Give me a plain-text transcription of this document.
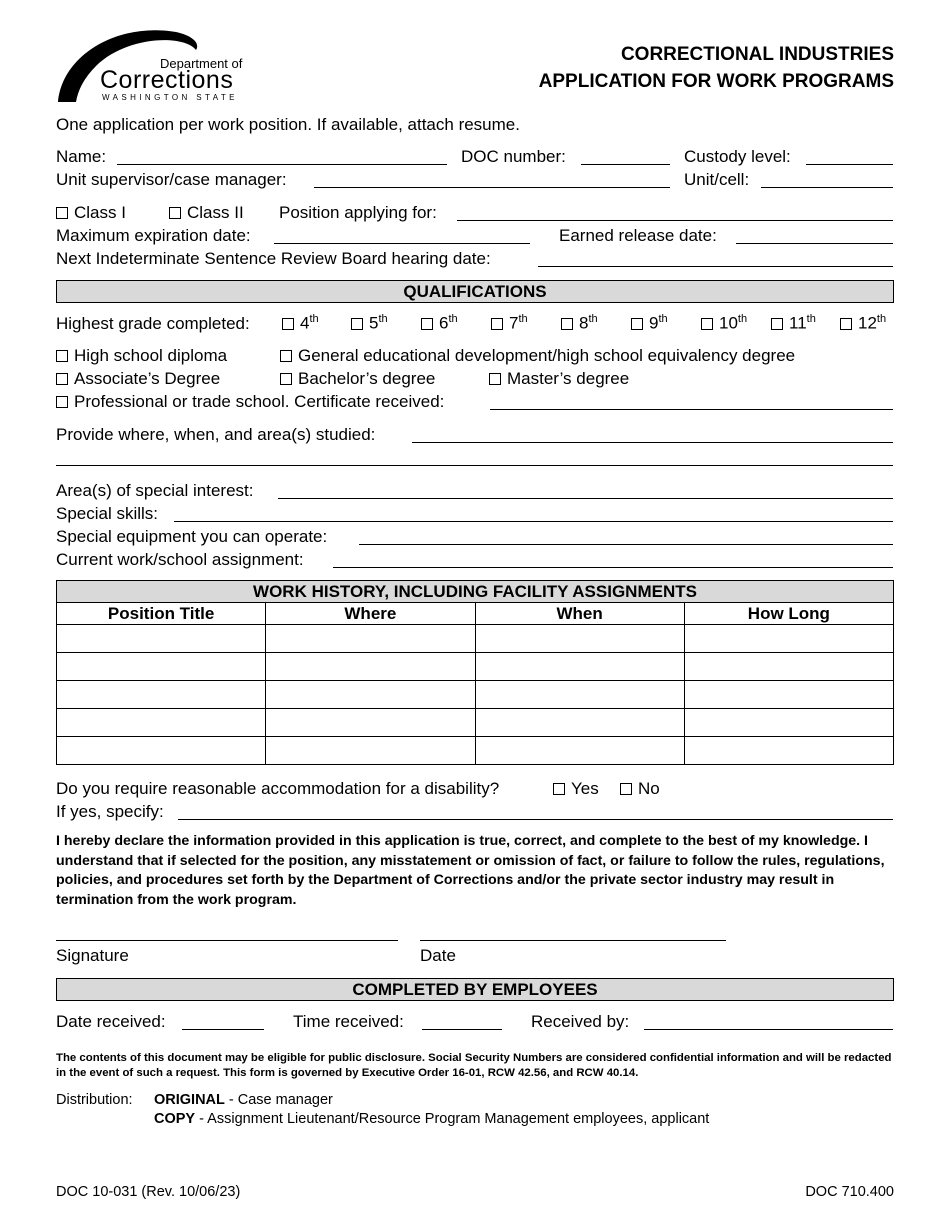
Department of
Corrections
WASHINGTON STATE
CORRECTIONAL INDUSTRIES
APPLICATION FOR WORK PROGRAMS
One application per work position. If available, attach resume.
Name:	DOC number:	Custody level:
Unit supervisor/case manager:	Unit/cell:
Class I	Class II Position applying for:
Maximum expiration date:	Earned release date:
Next Indeterminate Sentence Review Board hearing date:
QUALIFICATIONS
Highest grade completed:	4th	5th	6th	7th	8th	9th	10th	11th	12th
High school diploma	General educational development/high school equivalency degree
Associate’s Degree	Bachelor’s degree	Master’s degree
Professional or trade school. Certificate received:
Provide where, when, and area(s) studied:
Area(s) of special interest:
Special skills:
Special equipment you can operate:
Current work/school assignment:
WORK HISTORY, INCLUDING FACILITY ASSIGNMENTS			
Position Title	Where	When	How Long

Do you require reasonable accommodation for a disability?	Yes	No
If yes, specify:
I hereby declare the information provided in this application is true, correct, and complete to the best of my knowledge. I understand that if selected for the position, any misstatement or omission of fact, or failure to follow the rules, regulations, policies, and procedures set forth by the Department of Corrections and/or the private sector industry may result in termination from the work program.
Signature	Date
COMPLETED BY EMPLOYEES
Date received:	Time received:	Received by:
The contents of this document may be eligible for public disclosure. Social Security Numbers are considered confidential information and will be redacted in the event of such a request. This form is governed by Executive Order 16-01, RCW 42.56, and RCW 40.14.
Distribution: ORIGINAL - Case manager
COPY - Assignment Lieutenant/Resource Program Management employees, applicant
DOC 10-031 (Rev. 10/06/23)	DOC 710.400
